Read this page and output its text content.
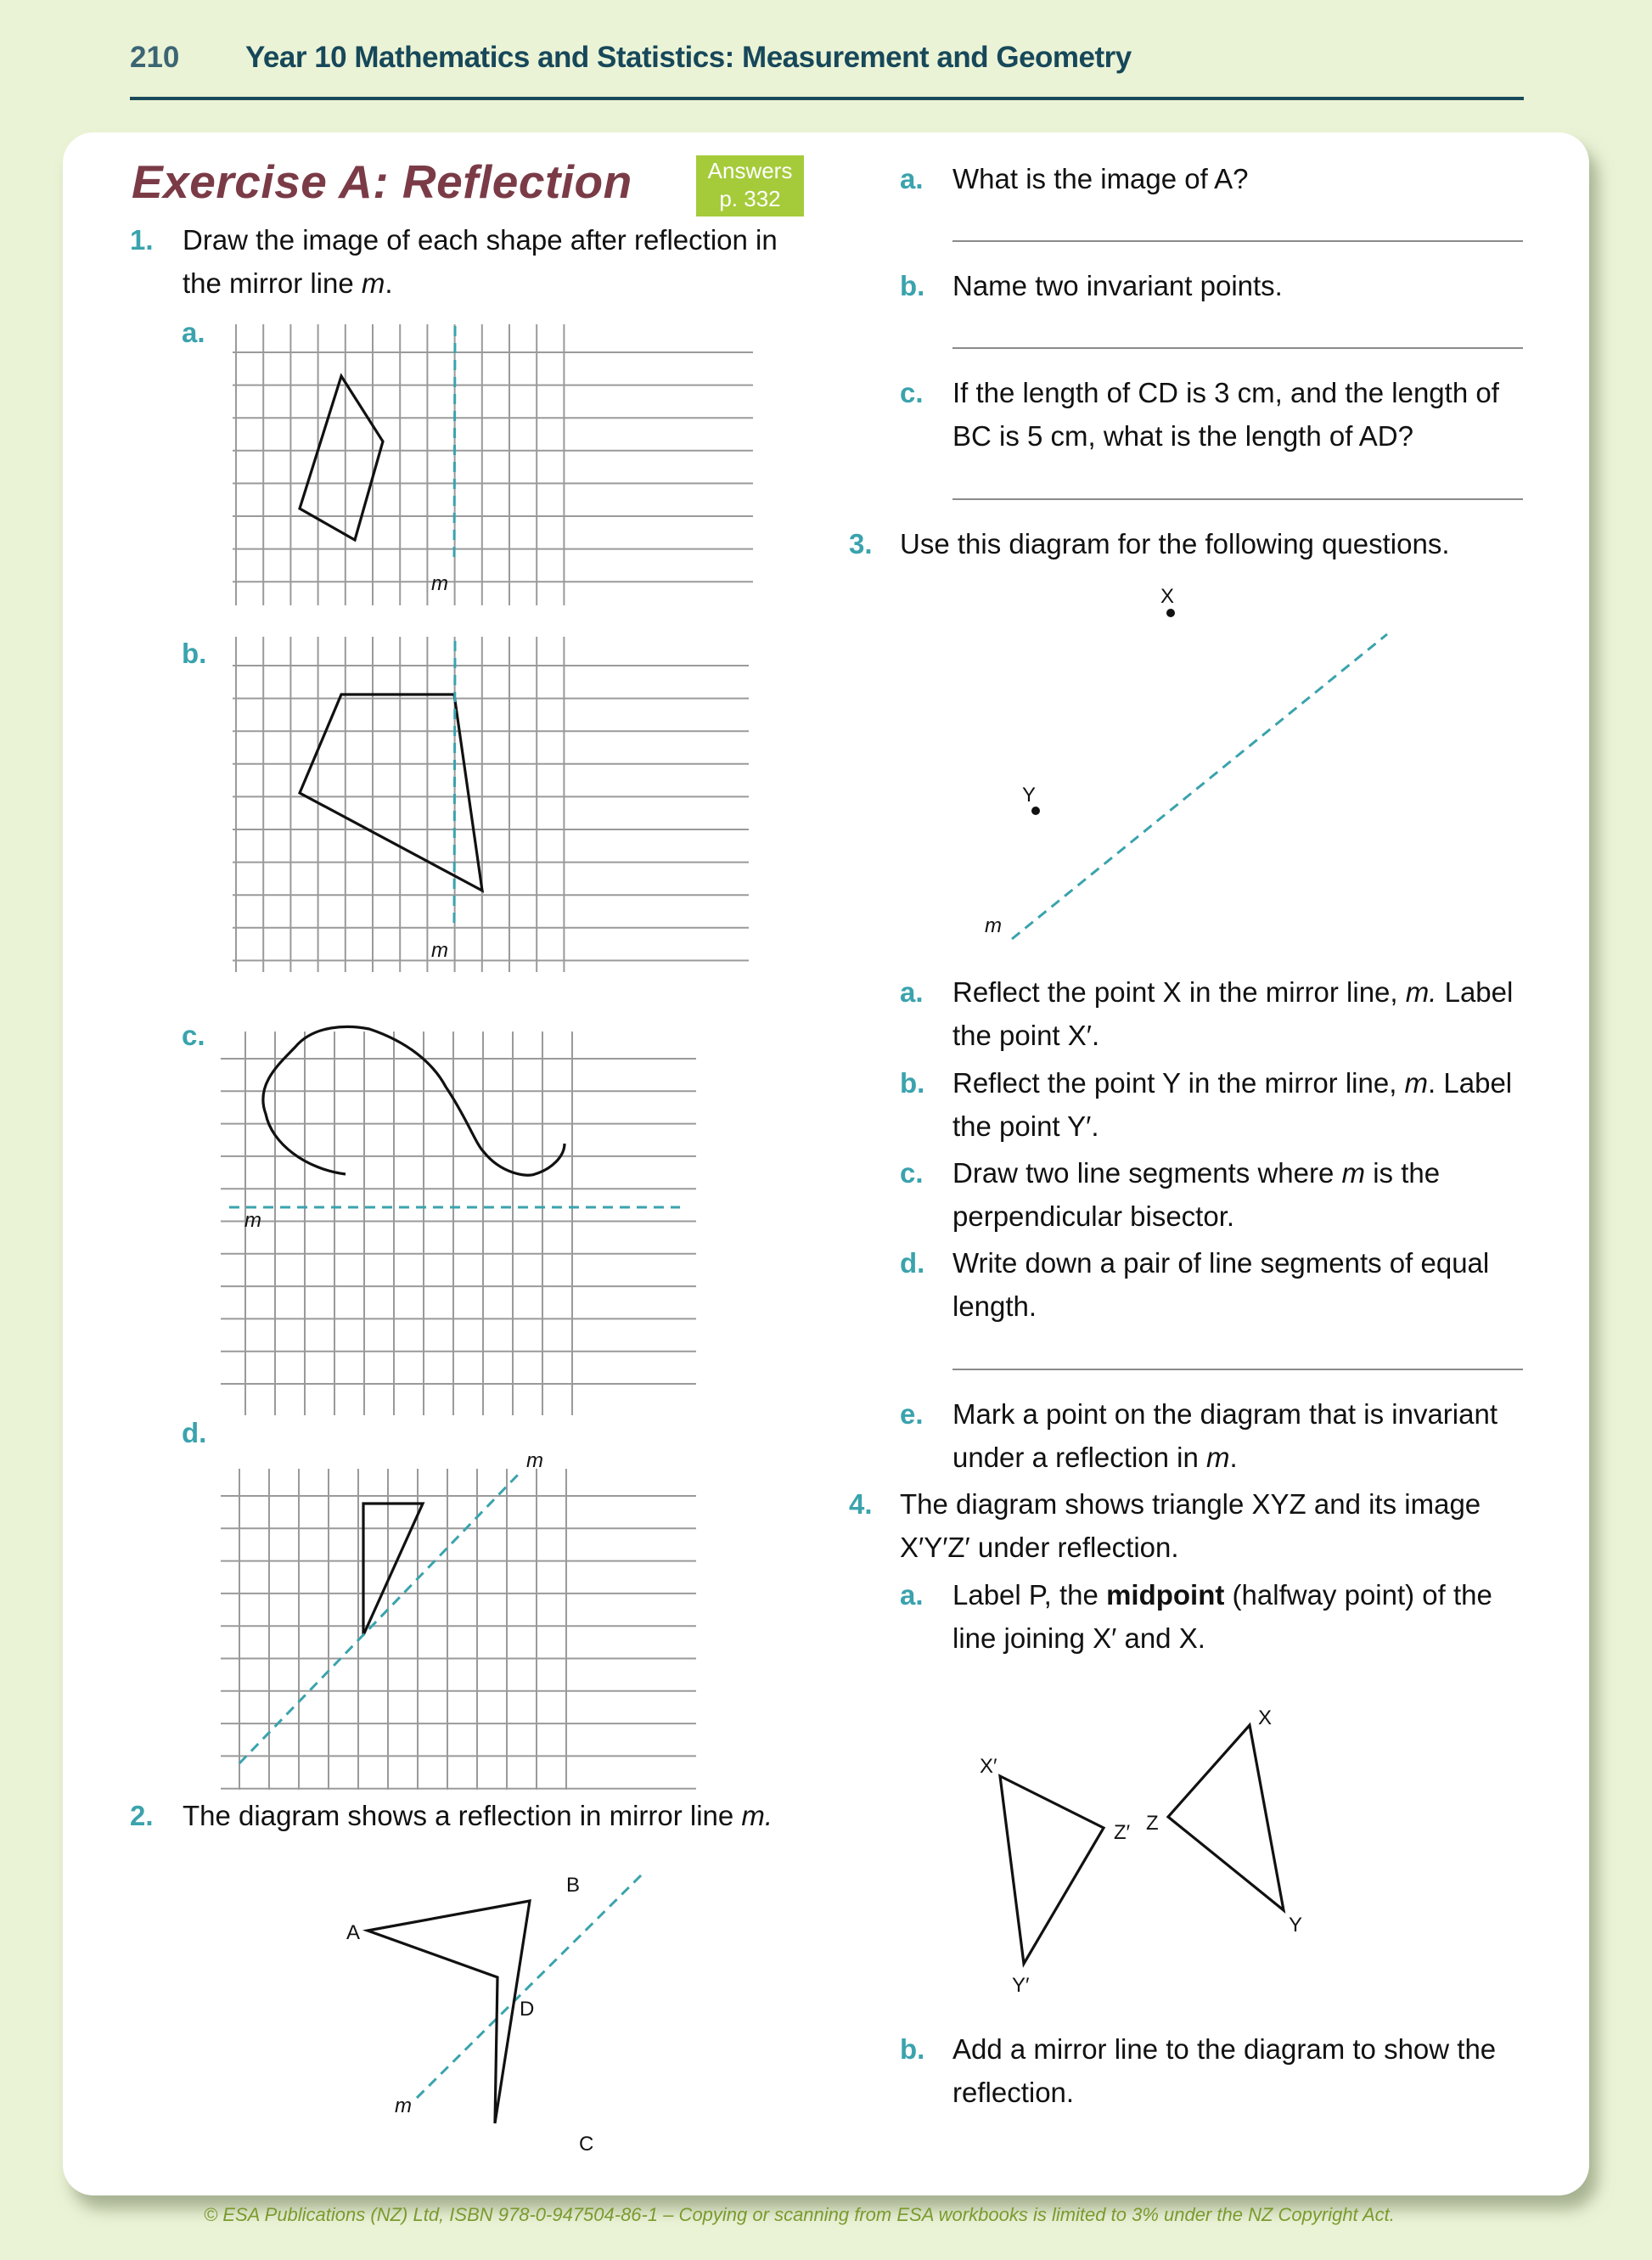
210 Year 10 Mathematics and Statistics: Measurement and Geometry
Exercise A: Reflection	Answers
p. 332
1. Draw the image of each shape after reflection in
the mirror line m.
a.
m
b.
m
c.
m
d.
m
2. The diagram shows a reflection in mirror line m.
A
B
D
C
m
a. What is the image of A?
b. Name two invariant points.
c. If the length of CD is 3 cm, and the length of
BC is 5 cm, what is the length of AD?
3. Use this diagram for the following questions.
X
Y
m
a. Reflect the point X in the mirror line, m. Label
the point X′.
b. Reflect the point Y in the mirror line, m. Label
the point Y′.
c. Draw two line segments where m is the
perpendicular bisector.
d. Write down a pair of line segments of equal
length.
e. Mark a point on the diagram that is invariant
under a reflection in m.
4. The diagram shows triangle XYZ and its image
X′Y′Z′ under reflection.
a. Label P, the midpoint (halfway point) of the
line joining X′ and X.
X′
Z′
Y′
X
Z
Y
b. Add a mirror line to the diagram to show the
reflection.
© ESA Publications (NZ) Ltd, ISBN 978-0-947504-86-1 – Copying or scanning from ESA workbooks is limited to 3% under the NZ Copyright Act.
